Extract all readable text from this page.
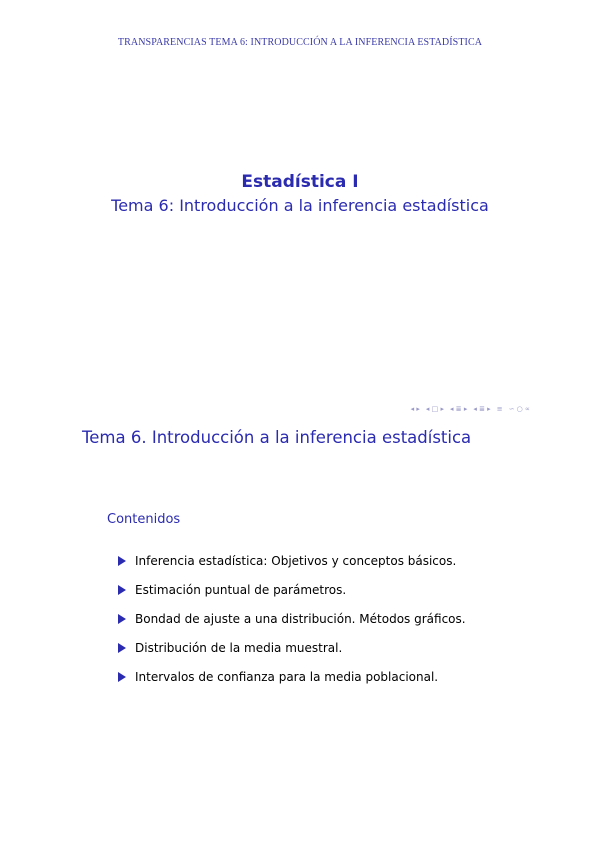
TRANSPARENCIAS TEMA 6: INTRODUCCIÓN A LA INFERENCIA ESTADÍSTICA
Estadística I
Tema 6: Introducción a la inferencia estadística
◂ ▸ ◂ □ ▸ ◂ ≣ ▸ ◂ ≣ ▸ ≡ ∽ ○ ∝
Tema 6. Introducción a la inferencia estadística
Contenidos
Inferencia estadística: Objetivos y conceptos básicos.
Estimación puntual de parámetros.
Bondad de ajuste a una distribución. Métodos gráficos.
Distribución de la media muestral.
Intervalos de confianza para la media poblacional.
